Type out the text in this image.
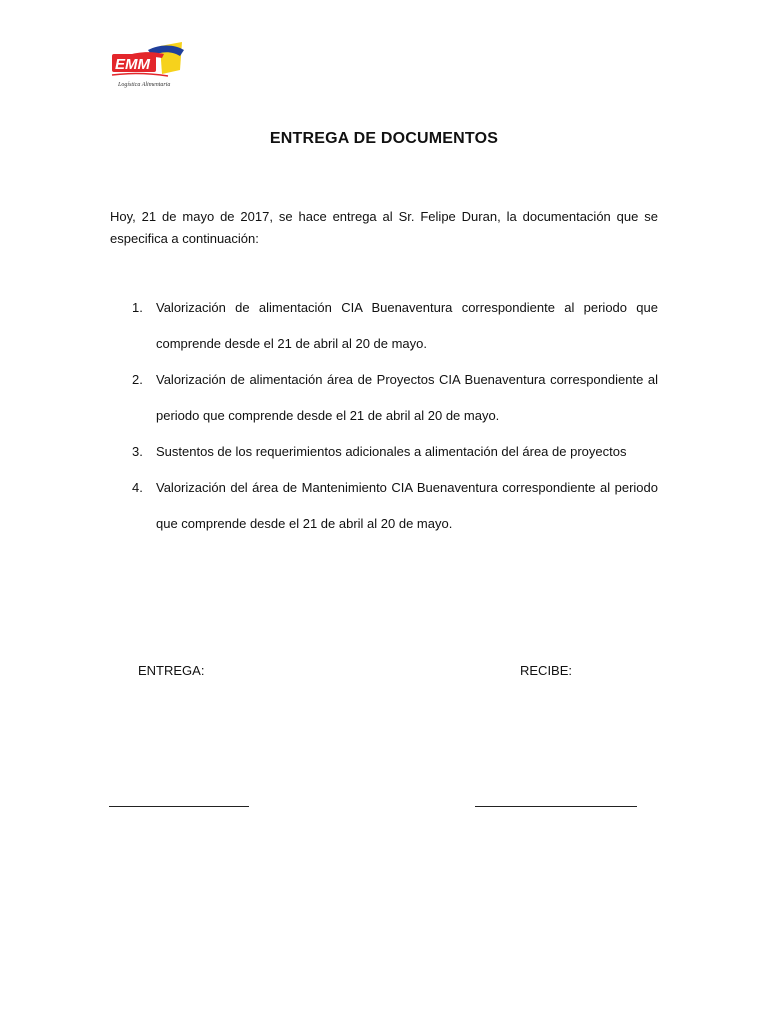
EMM
Logística Alimentaria
ENTREGA DE DOCUMENTOS

Hoy, 21 de mayo de 2017, se hace entrega al Sr. Felipe Duran, la documentación que se especifica a continuación:

1. Valorización de alimentación CIA Buenaventura correspondiente al periodo que comprende desde el 21 de abril al 20 de mayo.
2. Valorización de alimentación área de Proyectos CIA Buenaventura correspondiente al periodo que comprende desde el 21 de abril al 20 de mayo.
3. Sustentos de los requerimientos adicionales a alimentación del área de proyectos
4. Valorización del área de Mantenimiento CIA Buenaventura correspondiente al periodo que comprende desde el 21 de abril al 20 de mayo.
ENTREGA:	RECIBE:
